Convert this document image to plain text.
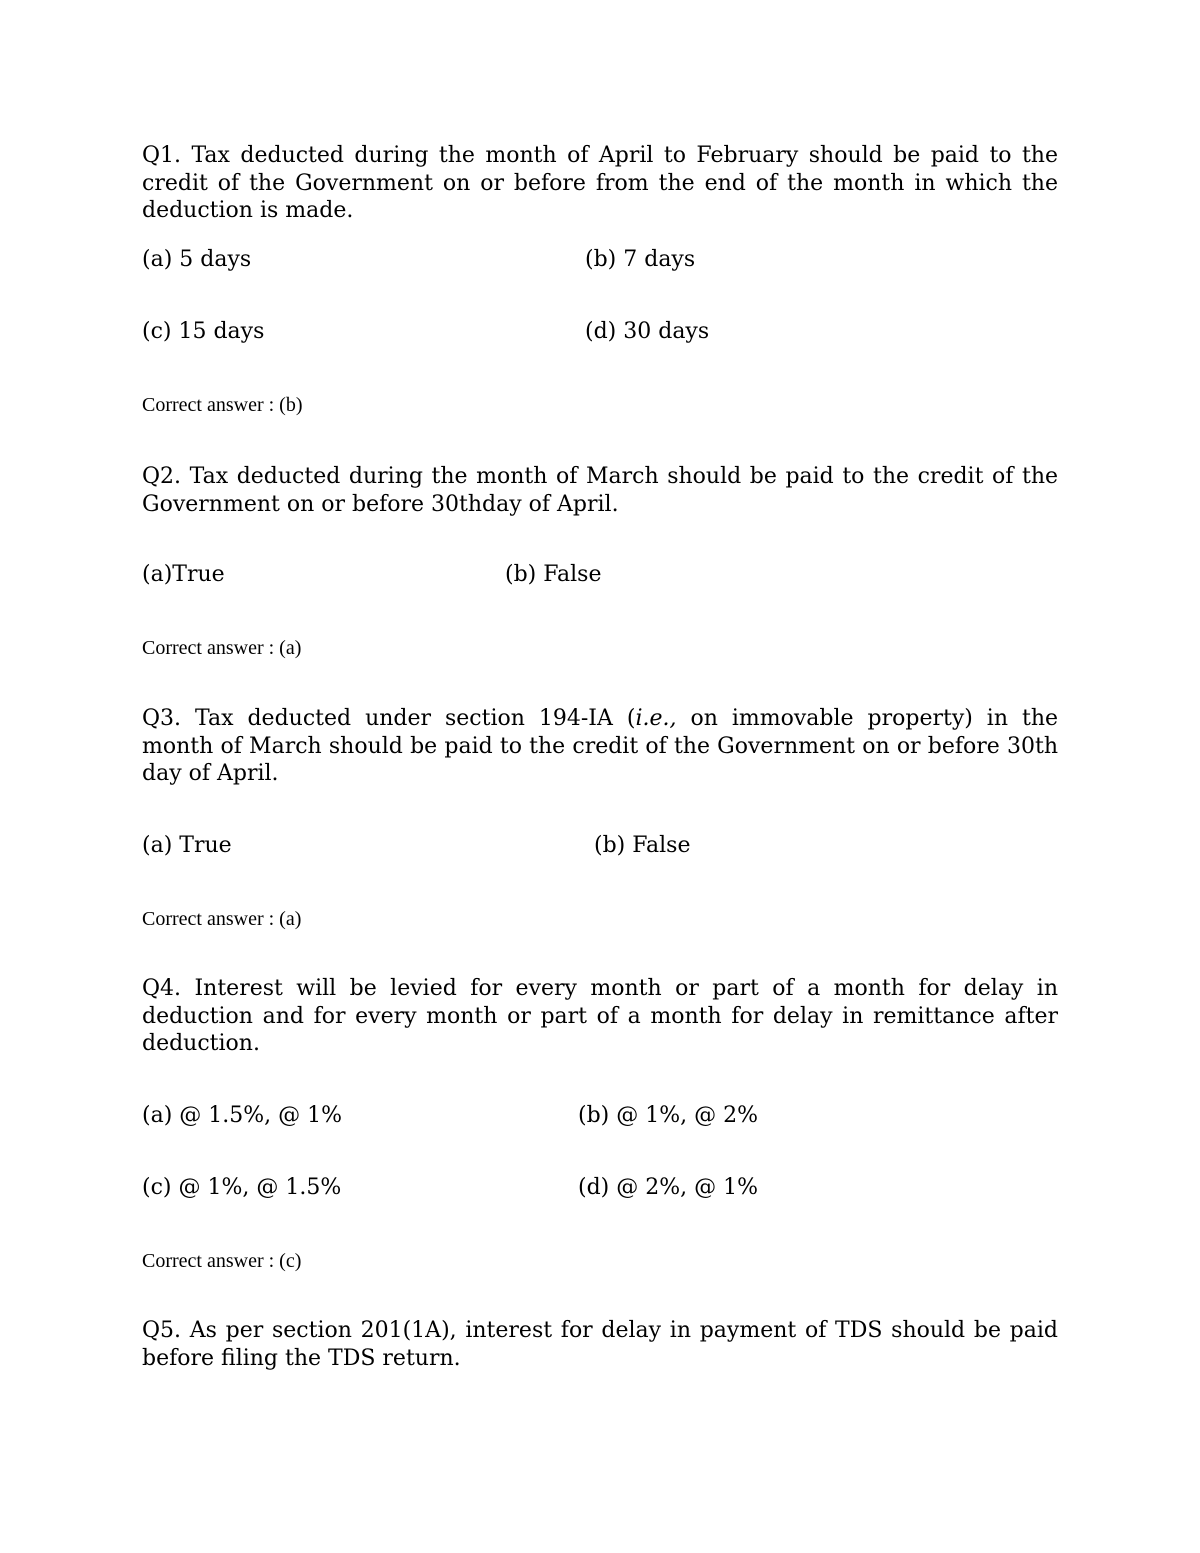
Q1. Tax deducted during the month of April to February should be paid to the credit of the Government on or before from the end of the month in which the deduction is made.

(a) 5 days	(b) 7 days
(c) 15 days	(d) 30 days
Correct answer : (b)

Q2. Tax deducted during the month of March should be paid to the credit of the Government on or before 30thday of April.

(a)True	(b) False
Correct answer : (a)

Q3. Tax deducted under section 194-IA (i.e., on immovable property) in the month of March should be paid to the credit of the Government on or before 30th day of April.

(a) True	(b) False
Correct answer : (a)

Q4. Interest will be levied for every month or part of a month for delay in deduction and for every month or part of a month for delay in remittance after deduction.

(a) @ 1.5%, @ 1%	(b) @ 1%, @ 2%
(c) @ 1%, @ 1.5%	(d) @ 2%, @ 1%
Correct answer : (c)

Q5. As per section 201(1A), interest for delay in payment of TDS should be paid before filing the TDS return.
